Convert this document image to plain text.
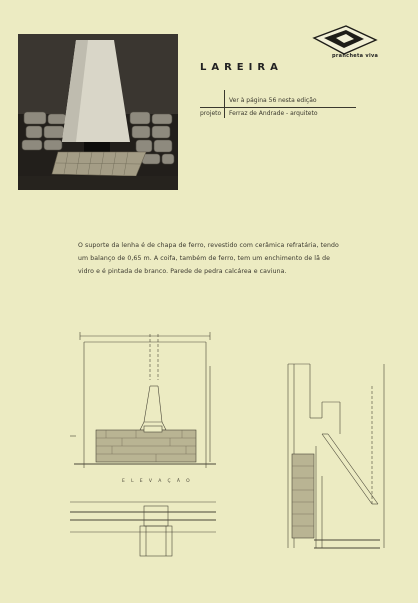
LAREIRA
pranchetа viva
Ver à página 56 nesta edição
projeto Ferraz de Andrade - arquiteto
O suporte da lenha é de chapa de ferro, revestido com cerâmica refratária, tendo um balanço de 0,65 m. A coifa, também de ferro, tem um enchimento de lã de vidro e é pintada de branco. Parede de pedra calcárea e caviuna.
E L E V A Ç Ã O
